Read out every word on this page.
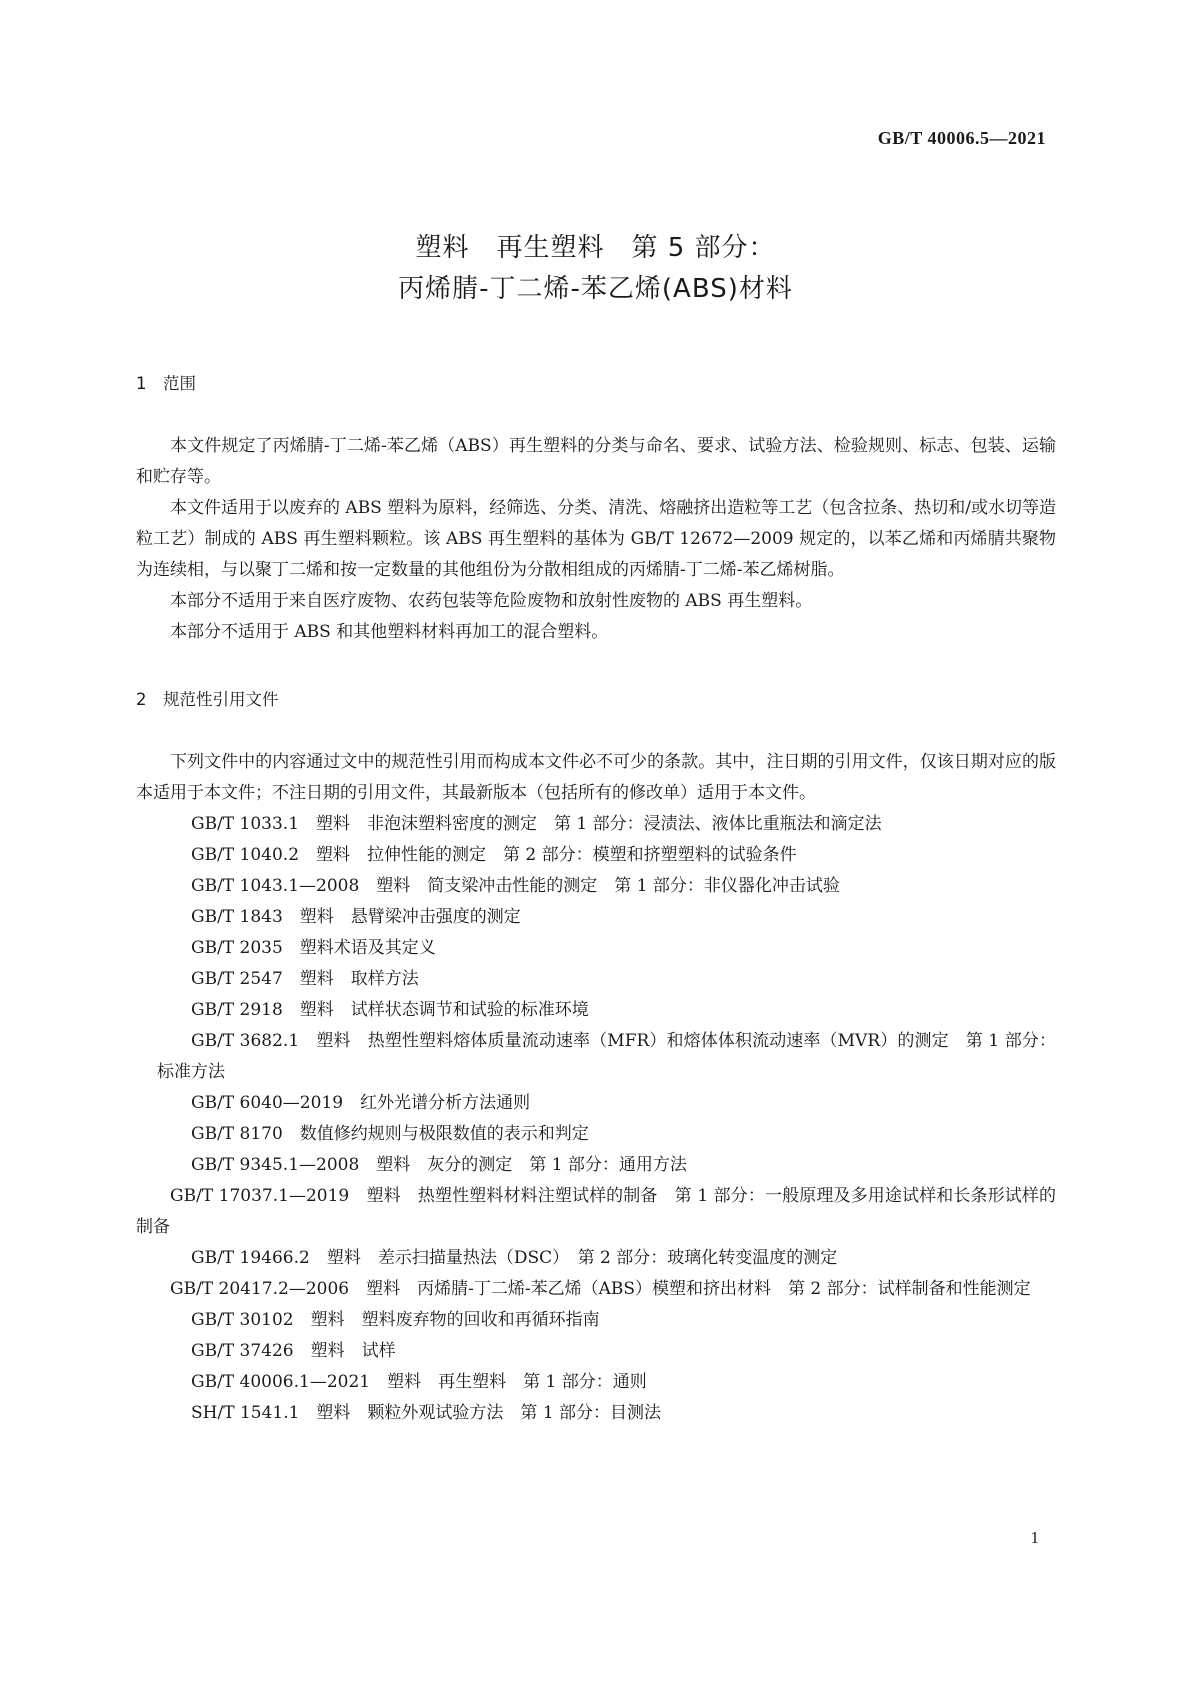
GB/T 40006.5—2021
塑料　再生塑料　第 5 部分：
丙烯腈-丁二烯-苯乙烯(ABS)材料
1　范围

本文件规定了丙烯腈-丁二烯-苯乙烯（ABS）再生塑料的分类与命名、要求、试验方法、检验规则、标志、包装、运输和贮存等。

本文件适用于以废弃的 ABS 塑料为原料，经筛选、分类、清洗、熔融挤出造粒等工艺（包含拉条、热切和/或水切等造粒工艺）制成的 ABS 再生塑料颗粒。该 ABS 再生塑料的基体为 GB/T 12672—2009 规定的，以苯乙烯和丙烯腈共聚物为连续相，与以聚丁二烯和按一定数量的其他组份为分散相组成的丙烯腈-丁二烯-苯乙烯树脂。

本部分不适用于来自医疗废物、农药包装等危险废物和放射性废物的 ABS 再生塑料。

本部分不适用于 ABS 和其他塑料材料再加工的混合塑料。

2　规范性引用文件

下列文件中的内容通过文中的规范性引用而构成本文件必不可少的条款。其中，注日期的引用文件，仅该日期对应的版本适用于本文件；不注日期的引用文件，其最新版本（包括所有的修改单）适用于本文件。

GB/T 1033.1　塑料　非泡沫塑料密度的测定　第 1 部分：浸渍法、液体比重瓶法和滴定法
GB/T 1040.2　塑料　拉伸性能的测定　第 2 部分：模塑和挤塑塑料的试验条件
GB/T 1043.1—2008　塑料　简支梁冲击性能的测定　第 1 部分：非仪器化冲击试验
GB/T 1843　塑料　悬臂梁冲击强度的测定
GB/T 2035　塑料术语及其定义
GB/T 2547　塑料　取样方法
GB/T 2918　塑料　试样状态调节和试验的标准环境
GB/T 3682.1　塑料　热塑性塑料熔体质量流动速率（MFR）和熔体体积流动速率（MVR）的测定　第 1 部分：标准方法
GB/T 6040—2019　红外光谱分析方法通则
GB/T 8170　数值修约规则与极限数值的表示和判定
GB/T 9345.1—2008　塑料　灰分的测定　第 1 部分：通用方法
GB/T 17037.1—2019　塑料　热塑性塑料材料注塑试样的制备　第 1 部分：一般原理及多用途试样和长条形试样的制备
GB/T 19466.2　塑料　差示扫描量热法（DSC）　第 2 部分：玻璃化转变温度的测定
GB/T 20417.2—2006　塑料　丙烯腈-丁二烯-苯乙烯（ABS）模塑和挤出材料　第 2 部分：试样制备和性能测定
GB/T 30102　塑料　塑料废弃物的回收和再循环指南
GB/T 37426　塑料　试样
GB/T 40006.1—2021　塑料　再生塑料　第 1 部分：通则
SH/T 1541.1　塑料　颗粒外观试验方法　第 1 部分：目测法
1
